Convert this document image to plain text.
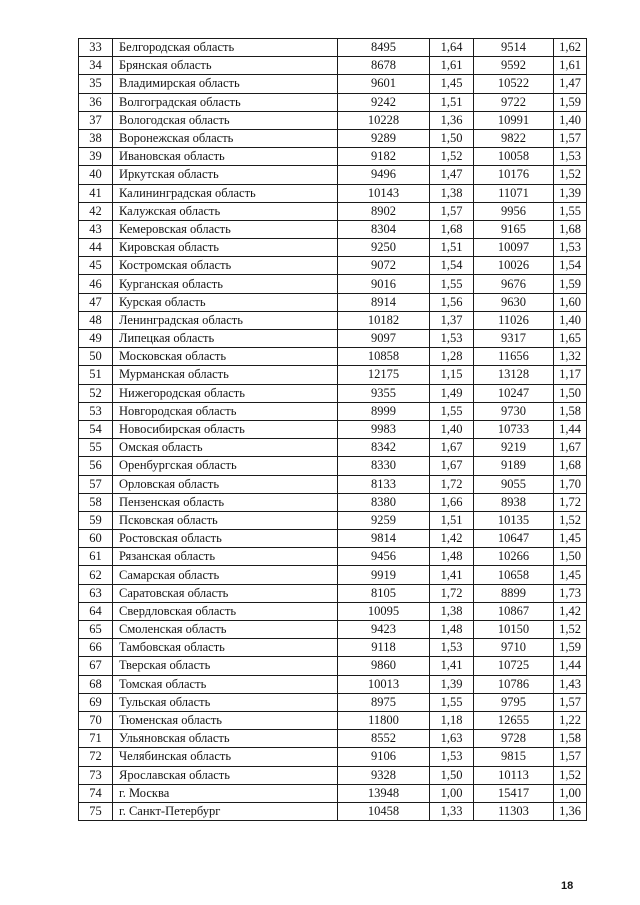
33	Белгородская область	8495	1,64	9514	1,62
34	Брянская область	8678	1,61	9592	1,61
35	Владимирская область	9601	1,45	10522	1,47
36	Волгоградская область	9242	1,51	9722	1,59
37	Вологодская область	10228	1,36	10991	1,40
38	Воронежская область	9289	1,50	9822	1,57
39	Ивановская область	9182	1,52	10058	1,53
40	Иркутская область	9496	1,47	10176	1,52
41	Калининградская область	10143	1,38	11071	1,39
42	Калужская область	8902	1,57	9956	1,55
43	Кемеровская область	8304	1,68	9165	1,68
44	Кировская область	9250	1,51	10097	1,53
45	Костромская область	9072	1,54	10026	1,54
46	Курганская область	9016	1,55	9676	1,59
47	Курская область	8914	1,56	9630	1,60
48	Ленинградская область	10182	1,37	11026	1,40
49	Липецкая область	9097	1,53	9317	1,65
50	Московская область	10858	1,28	11656	1,32
51	Мурманская область	12175	1,15	13128	1,17
52	Нижегородская область	9355	1,49	10247	1,50
53	Новгородская область	8999	1,55	9730	1,58
54	Новосибирская область	9983	1,40	10733	1,44
55	Омская область	8342	1,67	9219	1,67
56	Оренбургская область	8330	1,67	9189	1,68
57	Орловская область	8133	1,72	9055	1,70
58	Пензенская область	8380	1,66	8938	1,72
59	Псковская область	9259	1,51	10135	1,52
60	Ростовская область	9814	1,42	10647	1,45
61	Рязанская область	9456	1,48	10266	1,50
62	Самарская область	9919	1,41	10658	1,45
63	Саратовская область	8105	1,72	8899	1,73
64	Свердловская область	10095	1,38	10867	1,42
65	Смоленская область	9423	1,48	10150	1,52
66	Тамбовская область	9118	1,53	9710	1,59
67	Тверская область	9860	1,41	10725	1,44
68	Томская область	10013	1,39	10786	1,43
69	Тульская область	8975	1,55	9795	1,57
70	Тюменская область	11800	1,18	12655	1,22
71	Ульяновская область	8552	1,63	9728	1,58
72	Челябинская область	9106	1,53	9815	1,57
73	Ярославская область	9328	1,50	10113	1,52
74	г. Москва	13948	1,00	15417	1,00
75	г. Санкт-Петербург	10458	1,33	11303	1,36
18
